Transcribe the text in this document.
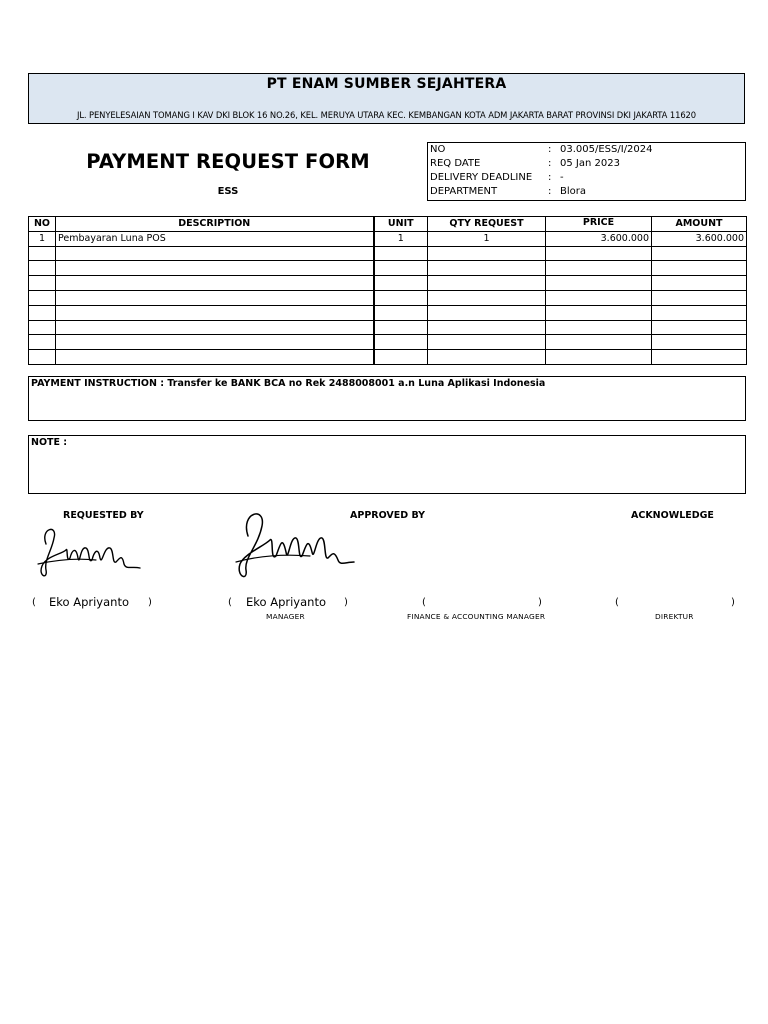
PT ENAM SUMBER SEJAHTERA
JL. PENYELESAIAN TOMANG I KAV DKI BLOK 16 NO.26, KEL. MERUYA UTARA KEC. KEMBANGAN KOTA ADM JAKARTA BARAT PROVINSI DKI JAKARTA 11620
PAYMENT REQUEST FORM
ESS
NO	: 03.005/ESS/I/2024
REQ DATE	: 05 Jan 2023
DELIVERY DEADLINE	: -
DEPARTMENT	: Blora
NO	DESCRIPTION	UNIT	QTY REQUEST	PRICE	AMOUNT
1	Pembayaran Luna POS	1	1	3.600.000	3.600.000

PAYMENT INSTRUCTION : Transfer ke BANK BCA no Rek 2488008001 a.n Luna Aplikasi Indonesia
NOTE :
REQUESTED BY	APPROVED BY	ACKNOWLEDGE
( Eko Apriyanto )	( Eko Apriyanto )	(	)	(	)
MANAGER	FINANCE & ACCOUNTING MANAGER	DIREKTUR
